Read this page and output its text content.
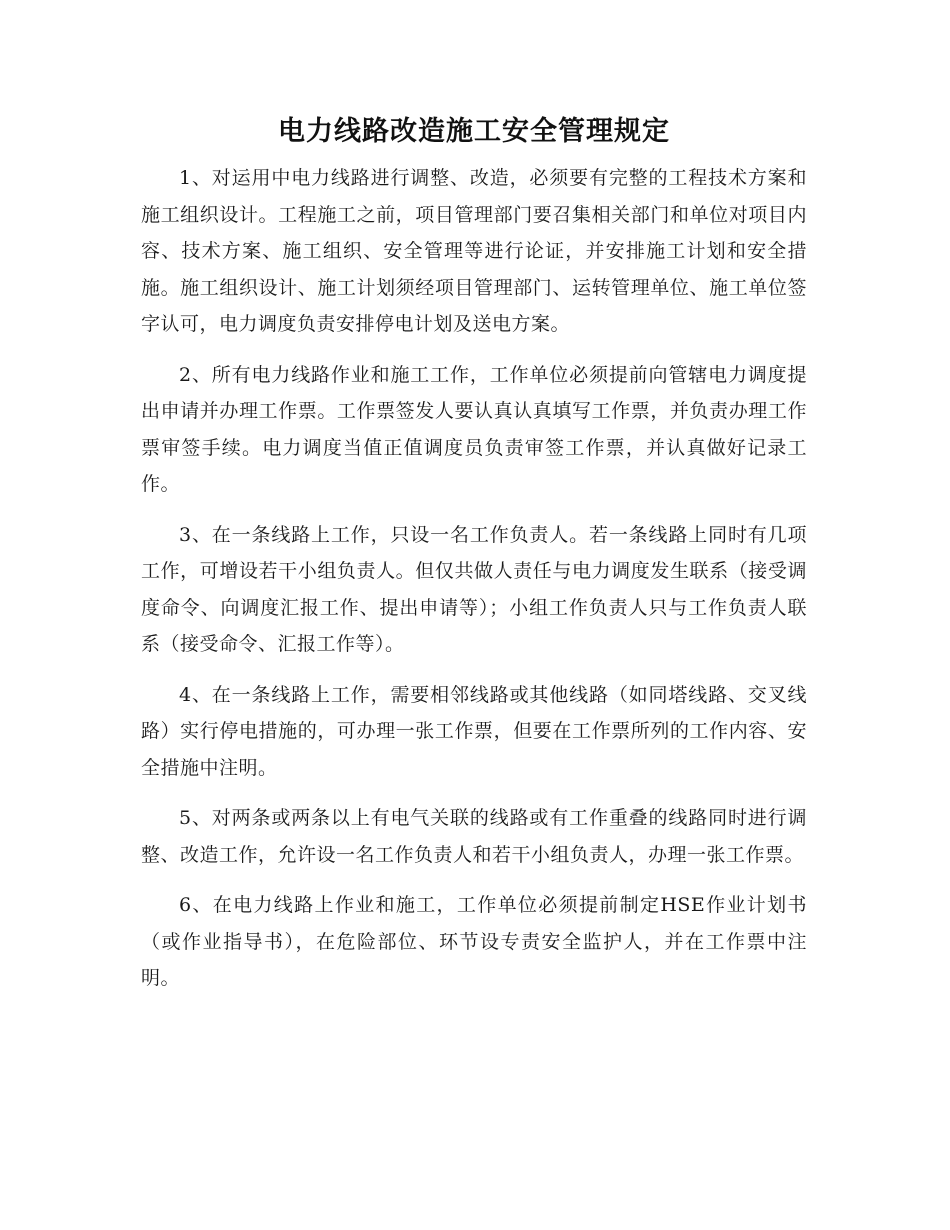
电力线路改造施工安全管理规定

1、对运用中电力线路进行调整、改造，必须要有完整的工程技术方案和施工组织设计。工程施工之前，项目管理部门要召集相关部门和单位对项目内容、技术方案、施工组织、安全管理等进行论证，并安排施工计划和安全措施。施工组织设计、施工计划须经项目管理部门、运转管理单位、施工单位签字认可，电力调度负责安排停电计划及送电方案。

2、所有电力线路作业和施工工作，工作单位必须提前向管辖电力调度提出申请并办理工作票。工作票签发人要认真认真填写工作票，并负责办理工作票审签手续。电力调度当值正值调度员负责审签工作票，并认真做好记录工作。

3、在一条线路上工作，只设一名工作负责人。若一条线路上同时有几项工作，可增设若干小组负责人。但仅共做人责任与电力调度发生联系（接受调度命令、向调度汇报工作、提出申请等）；小组工作负责人只与工作负责人联系（接受命令、汇报工作等）。

4、在一条线路上工作，需要相邻线路或其他线路（如同塔线路、交叉线路）实行停电措施的，可办理一张工作票，但要在工作票所列的工作内容、安全措施中注明。

5、对两条或两条以上有电气关联的线路或有工作重叠的线路同时进行调整、改造工作，允许设一名工作负责人和若干小组负责人，办理一张工作票。

6、在电力线路上作业和施工，工作单位必须提前制定HSE作业计划书（或作业指导书），在危险部位、环节设专责安全监护人，并在工作票中注明。
